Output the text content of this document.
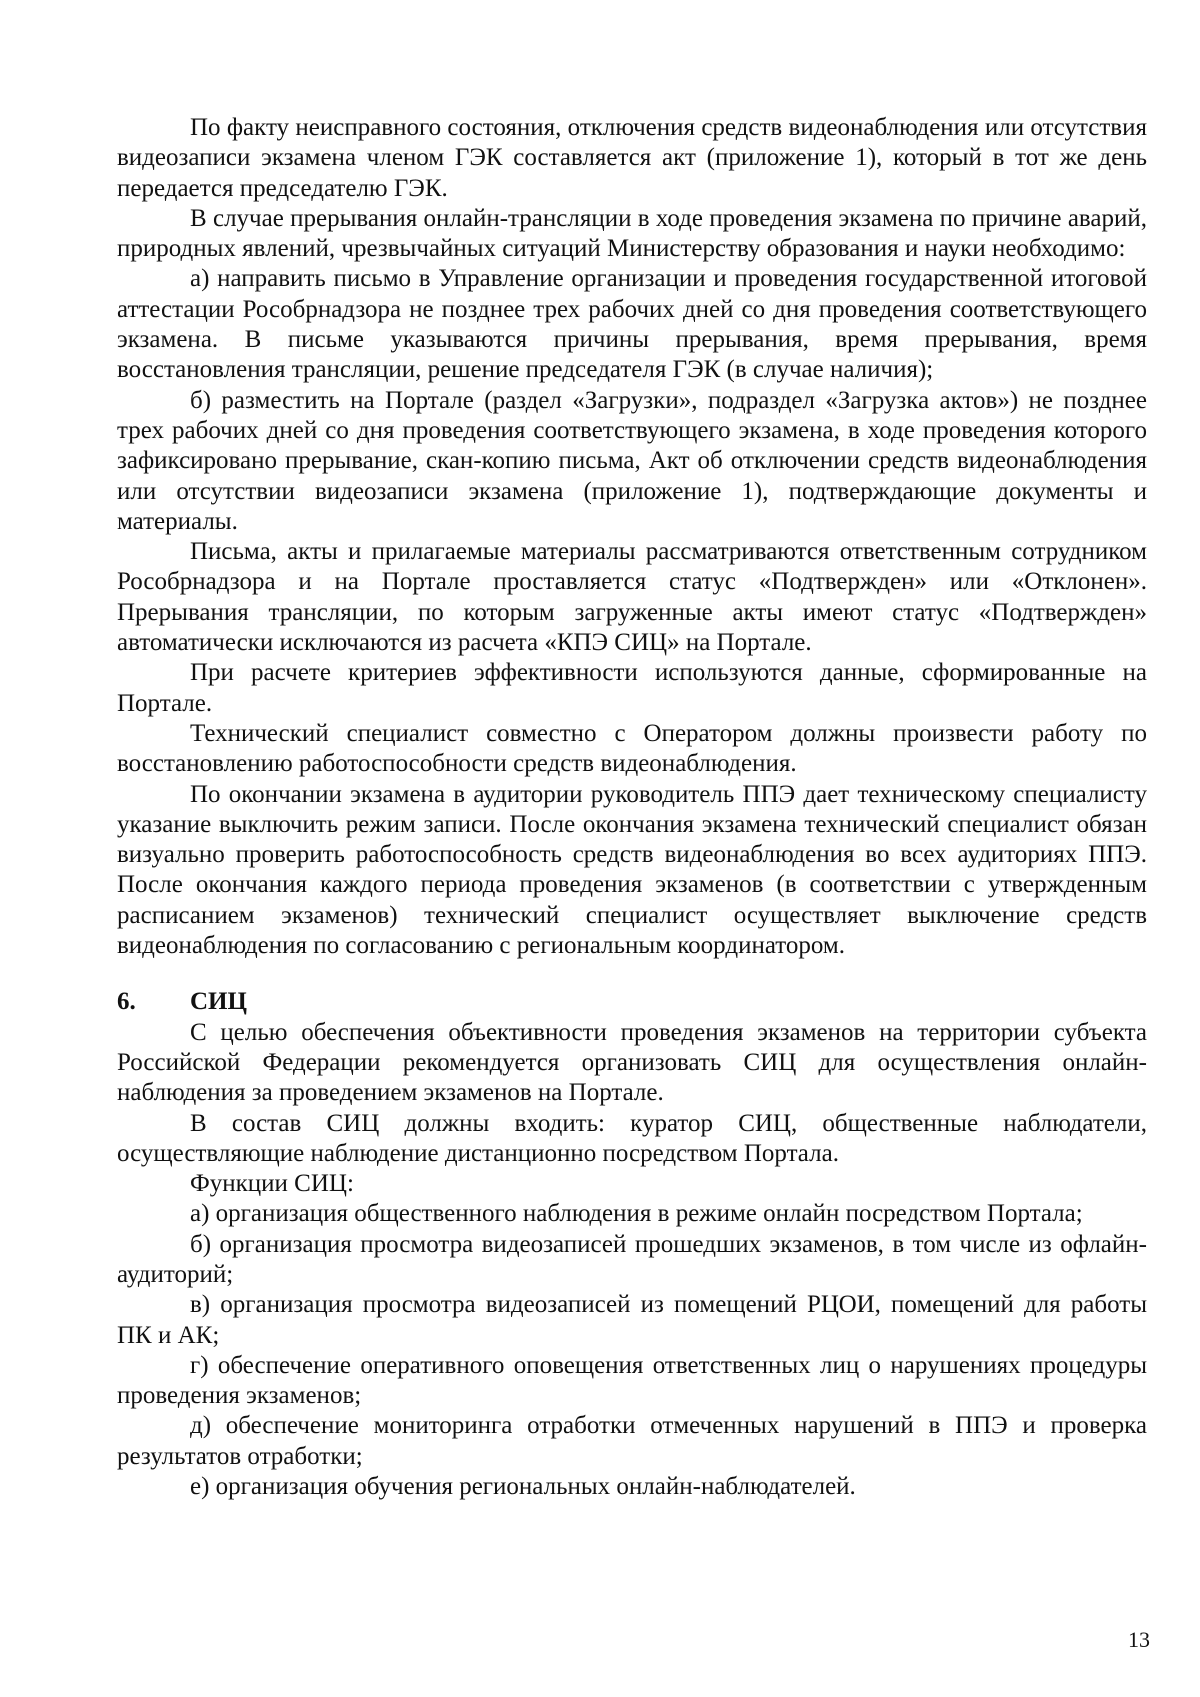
По факту неисправного состояния, отключения средств видеонаблюдения или отсутствия видеозаписи экзамена членом ГЭК составляется акт (приложение 1), который в тот же день передается председателю ГЭК.

В случае прерывания онлайн-трансляции в ходе проведения экзамена по причине аварий, природных явлений, чрезвычайных ситуаций Министерству образования и науки необходимо:

а) направить письмо в Управление организации и проведения государственной итоговой аттестации Рособрнадзора не позднее трех рабочих дней со дня проведения соответствующего экзамена. В письме указываются причины прерывания, время прерывания, время восстановления трансляции, решение председателя ГЭК (в случае наличия);

б) разместить на Портале (раздел «Загрузки», подраздел «Загрузка актов») не позднее трех рабочих дней со дня проведения соответствующего экзамена, в ходе проведения которого зафиксировано прерывание, скан-копию письма, Акт об отключении средств видеонаблюдения или отсутствии видеозаписи экзамена (приложение 1), подтверждающие документы и материалы.

Письма, акты и прилагаемые материалы рассматриваются ответственным сотрудником Рособрнадзора и на Портале проставляется статус «Подтвержден» или «Отклонен». Прерывания трансляции, по которым загруженные акты имеют статус «Подтвержден» автоматически исключаются из расчета «КПЭ СИЦ» на Портале.

При расчете критериев эффективности используются данные, сформированные на Портале.

Технический специалист совместно с Оператором должны произвести работу по восстановлению работоспособности средств видеонаблюдения.

По окончании экзамена в аудитории руководитель ППЭ дает техническому специалисту указание выключить режим записи. После окончания экзамена технический специалист обязан визуально проверить работоспособность средств видеонаблюдения во всех аудиториях ППЭ. После окончания каждого периода проведения экзаменов (в соответствии с утвержденным расписанием экзаменов) технический специалист осуществляет выключение средств видеонаблюдения по согласованию с региональным координатором.

6.	СИЦ

С целью обеспечения объективности проведения экзаменов на территории субъекта Российской Федерации рекомендуется организовать СИЦ для осуществления онлайн-наблюдения за проведением экзаменов на Портале.

В состав СИЦ должны входить: куратор СИЦ, общественные наблюдатели, осуществляющие наблюдение дистанционно посредством Портала.

Функции СИЦ:

а) организация общественного наблюдения в режиме онлайн посредством Портала;

б) организация просмотра видеозаписей прошедших экзаменов, в том числе из офлайн-аудиторий;

в) организация просмотра видеозаписей из помещений РЦОИ, помещений для работы ПК и АК;

г) обеспечение оперативного оповещения ответственных лиц о нарушениях процедуры проведения экзаменов;

д) обеспечение мониторинга отработки отмеченных нарушений в ППЭ и проверка результатов отработки;

е) организация обучения региональных онлайн-наблюдателей.

13
